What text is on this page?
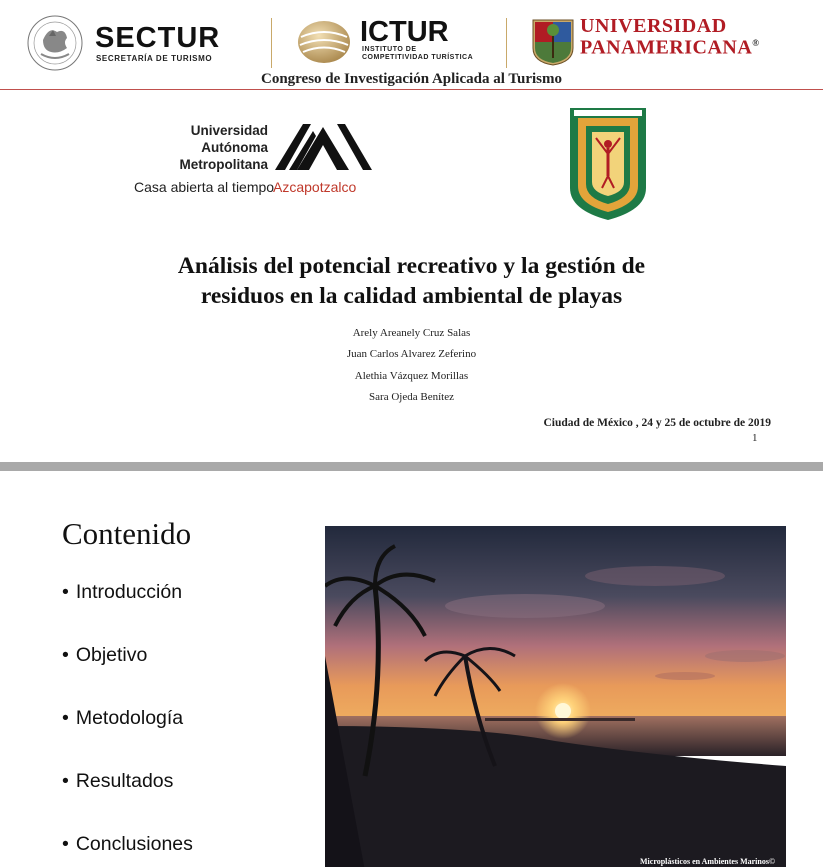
SECTUR
SECRETARÍA DE TURISMO
ICTUR
INSTITUTO DE
COMPETITIVIDAD TURÍSTICA
UNIVERSIDAD
PANAMERICANA®
Congreso de Investigación Aplicada al Turismo
Universidad
Autónoma
Metropolitana
Casa abierta al tiempo
Azcapotzalco
Análisis del potencial recreativo y la gestión de
residuos en la calidad ambiental de playas
Arely Areanely Cruz Salas
Juan Carlos Alvarez Zeferino
Alethia Vázquez Morillas
Sara Ojeda Benítez
Ciudad de México , 24 y 25 de octubre de 2019
1
Contenido
• Introducción
• Objetivo
• Metodología
• Resultados
• Conclusiones
Microplásticos en Ambientes Marinos©
